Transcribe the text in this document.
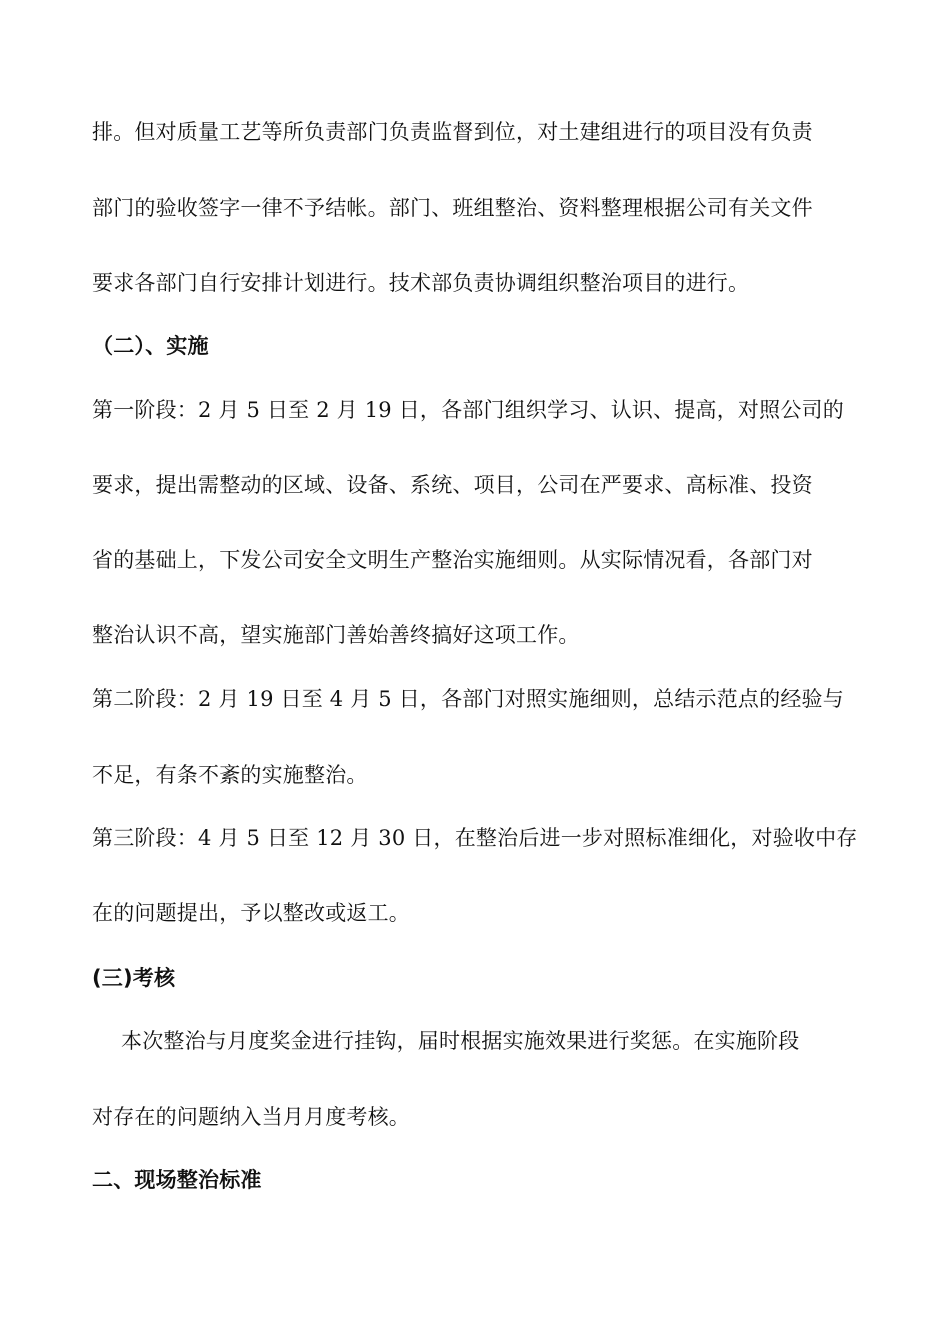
排。但对质量工艺等所负责部门负责监督到位，对土建组进行的项目没有负责
部门的验收签字一律不予结帐。部门、班组整治、资料整理根据公司有关文件
要求各部门自行安排计划进行。技术部负责协调组织整治项目的进行。
（二）、实施
第一阶段：2 月 5 日至 2 月 19 日，各部门组织学习、认识、提高，对照公司的
要求，提出需整动的区域、设备、系统、项目，公司在严要求、高标准、投资
省的基础上，下发公司安全文明生产整治实施细则。从实际情况看，各部门对
整治认识不高，望实施部门善始善终搞好这项工作。
第二阶段：2 月 19 日至 4 月 5 日，各部门对照实施细则，总结示范点的经验与
不足，有条不紊的实施整治。
第三阶段：4 月 5 日至 12 月 30 日，在整治后进一步对照标准细化，对验收中存
在的问题提出，予以整改或返工。
(三)考核
本次整治与月度奖金进行挂钩，届时根据实施效果进行奖惩。在实施阶段
对存在的问题纳入当月月度考核。
二、现场整治标准
